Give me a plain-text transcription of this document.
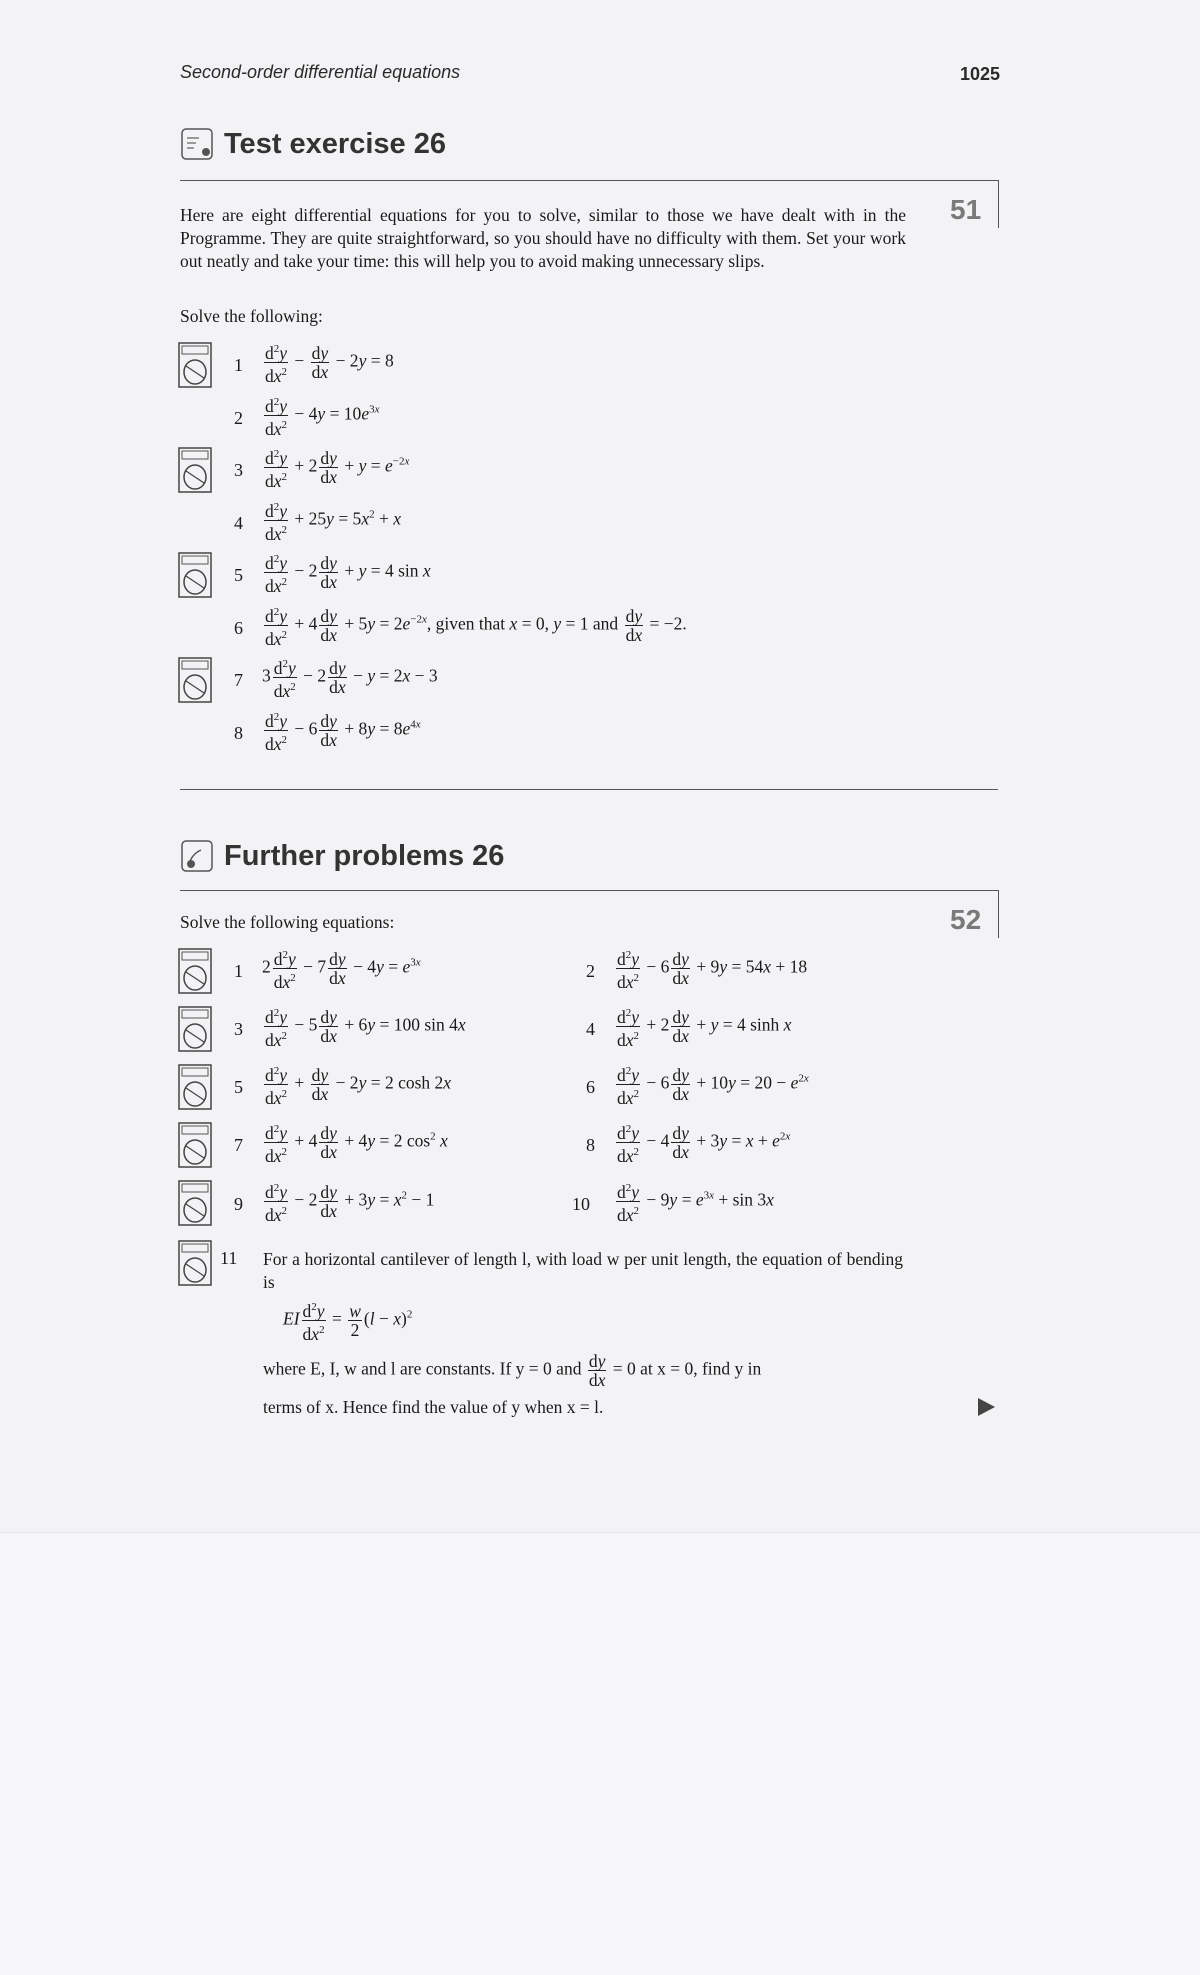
Second-order differential equations	1025
Test exercise 26
51
Here are eight differential equations for you to solve, similar to those we have dealt with in the Programme. They are quite straightforward, so you should have no difficulty with them. Set your work out neatly and take your time: this will help you to avoid making unnecessary slips.
Solve the following:
$1 \frac{d^2y}{dx^2} - \frac{dy}{dx} - 2y = 8$
$2 \frac{d^2y}{dx^2} - 4y = 10e^{3x}$
$3 \frac{d^2y}{dx^2} + 2 \frac{dy}{dx} + y = e^{-2x}$
$4 \frac{d^2y}{dx^2} + 25y = 5x^2 + x$
$5 \frac{d^2y}{dx^2} - 2 \frac{dy}{dx} + y = 4$ sin x
$6 \frac{d^2y}{dx^2} + 4 \frac{dy}{dx} + 5y = 2e^{-2x}$, given that x = 0, y = 1 and $\frac{dy}{dx} = -2$.
7 $3 \frac{d^2y}{dx^2} - 2 \frac{dy}{dx} - y = 2x - 3$
$8 \frac{d^2y}{dx^2} - 6 \frac{dy}{dx} + 8y = 8e^{4x}$
Further problems 26
52
Solve the following equations:
1 $2 \frac{d^2y}{dx^2} - 7 \frac{dy}{dx} - 4y = e^{3x}$	$2 \frac{d^2y}{dx^2} - 6 \frac{dy}{dx} + 9y = 54x + 18$
$3 \frac{d^2y}{dx^2} - 5 \frac{dy}{dx} + 6y = 100$ sin 4x	$4 \frac{d^2y}{dx^2} + 2 \frac{dy}{dx} + y = 4$ sinh x
$5 \frac{d^2y}{dx^2} + \frac{dy}{dx} - 2y = 2$ cosh 2x	$6 \frac{d^2y}{dx^2} - 6 \frac{dy}{dx} + 10y = 20 - e^{2x}$
$7 \frac{d^2y}{dx^2} + 4 \frac{dy}{dx} + 4y = 2$ $\cos^2 x$	$8 \frac{d^2y}{dx^2} - 4 \frac{dy}{dx} + 3y = x + e^{2x}$
$9 \frac{d^2y}{dx^2} - 2 \frac{dy}{dx} + 3y = x^2 - 1$	$10 \frac{d^2y}{dx^2} - 9y = e^{3x} + \sin 3x$
11 For a horizontal cantilever of length l, with load w per unit length, the equation of bending is
EI $\frac{d^2y}{dx^2} = \frac{w}{2} (l - x)^2$
where E, I, w and l are constants. If y = 0 and $\frac{dy}{dx} = 0$ at x = 0, find y in
terms of x. Hence find the value of y when x = l.
